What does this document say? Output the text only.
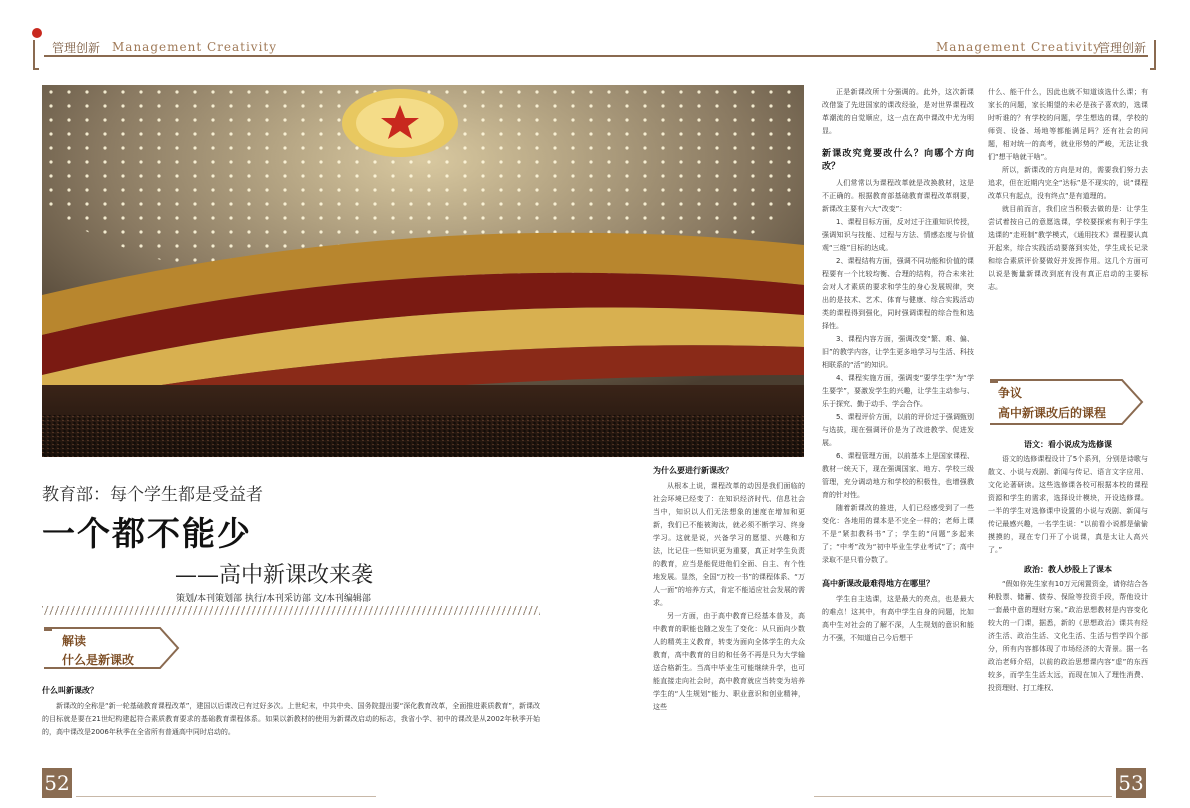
管理创新 Management Creativity	Management Creativity
管理创新
教育部：每个学生都是受益者
一个都不能少
——高中新课改来袭
策划/本刊策划部 执行/本刊采访部 文/本刊编辑部
解读
什么是新课改
什么叫新课改？

新课改的全称是“新一轮基础教育课程改革”，建国以后课改已有过好多次。上世纪末，中共中央、国务院提出要“深化教育改革，全面推进素质教育”，新课改的目标就是要在21世纪构建起符合素质教育要求的基础教育课程体系。如果以新教材的使用为新课改启动的标志，我省小学、初中的课改是从2002年秋季开始的，高中课改是2006年秋季在全省所有普通高中同时启动的。

为什么要进行新课改？

从根本上说，课程改革的动因是我们面临的社会环境已经变了：在知识经济时代、信息社会当中，知识以人们无法想象的速度在增加和更新，我们已不能被淘汰，就必须不断学习、终身学习。这就是说，兴备学习的愿望、兴趣和方法，比记住一些知识更为重要，真正对学生负责的教育，应当是能促进他们全面、自主、有个性地发展。显然，全国“万校一书”的课程体系、“万人一面”的培养方式，肯定不能适应社会发展的需求。

另一方面，由于高中教育已经基本普及，高中教育的职能也随之发生了变化：从只面向少数人的精英主义教育，转变为面向全体学生的大众教育，高中教育的目的和任务不再是只为大学输送合格新生。当高中毕业生可能继续升学，也可能直接走向社会时，高中教育就应当转变为培养学生的“人生规划”能力、职业意识和创业精神，这些

正是新课改所十分强调的。此外，这次新课改借鉴了先进国家的课改经验，是对世界课程改革潮流的自觉顺应，这一点在高中课改中尤为明显。

新课改究竟要改什么？向哪个方向改？

人们常常以为课程改革就是改换教材，这是不正确的。根据教育部基础教育课程改革纲要，新课改主要有六大“改变”：

1、课程目标方面，反对过于注重知识传授，强调知识与技能、过程与方法、情感态度与价值观“三维”目标的达成。

2、课程结构方面，强调不同功能和价值的课程要有一个比较均衡、合理的结构，符合未来社会对人才素质的要求和学生的身心发展规律，突出的是技术、艺术、体育与健康、综合实践活动类的课程得到强化，同时强调课程的综合性和选择性。

3、课程内容方面，强调改变“繁、难、偏、旧”的教学内容，让学生更多地学习与生活、科技相联系的“活”的知识。

4、课程实施方面，强调变“要学生学”为“学生要学”，要激发学生的兴趣，让学生主动参与、乐于探究、勤于动手、学会合作。

5、课程评价方面，以前的评价过于强调甄别与选拔，现在强调评价是为了改进教学、促进发展。

6、课程管理方面，以前基本上是国家课程、教材一统天下，现在强调国家、地方、学校三级管理，充分调动地方和学校的积极性，也增强教育的针对性。

随着新课改的推进，人们已经感受到了一些变化：各地用的课本是不完全一样的；老师上课不是“紧扣教科书”了；学生的“问题”多起来了；“中考”改为“初中毕业生学业考试”了；高中录取不是只看分数了。

高中新课改最难得地方在哪里？

学生自主选课，这是最大的亮点，也是最大的难点！这其中，有高中学生自身的问题，比如高中生对社会的了解不深，人生规划的意识和能力不强，不知道自己今后想干

什么、能干什么，因此也就不知道该选什么课；有家长的问题，家长期望的未必是孩子喜欢的，选课时听谁的？有学校的问题，学生想选的课，学校的师资、设备、场地等都能满足吗？还有社会的问题，相对统一的高考，就业形势的严峻，无法让我们“想干啥就干啥”。

所以，新课改的方向是对的，需要我们努力去追求，但在近期内完全“达标”是不现实的，说“课程改革只有起点，没有终点”是有道理的。

就目前而言，我们应当积极去做的是：让学生尝试着按自己的意愿选课，学校要探索有利于学生选课的“走班制”教学模式，《通用技术》课程要认真开起来，综合实践活动要落到实处，学生成长记录和综合素质评价要做好并发挥作用。这几个方面可以说是衡量新课改到底有没有真正启动的主要标志。

争议
高中新课改后的课程
语文：看小说成为选修课

语文的选修课程设计了5个系列，分别是诗歌与散文、小说与戏剧、新闻与传记、语言文字应用、文化论著研读。这些选修课各校可根据本校的课程资源和学生的需求，选择设计模块，开设选修课。一半的学生对选修课中设置的小说与戏剧、新闻与传记最感兴趣，一名学生说：“以前看小说都是偷偷摸摸的，现在专门开了小说课，真是太让人高兴了。”

政治：教人炒股上了课本

“假如你先生家有10万元闲置资金，请你结合各种股票、储蓄、债券、保险等投资手段，帮他设计一套最中意的理财方案。”政治思想教材是内容变化较大的一门课，据悉，新的《思想政治》课共有经济生活、政治生活、文化生活、生活与哲学四个部分，所有内容都体现了市场经济的大背景。据一名政治老师介绍，以前的政治思想课内容“虚”的东西较多，而学生生活太远，而现在加入了理性消费、投资理财、打工维权、

52	53
